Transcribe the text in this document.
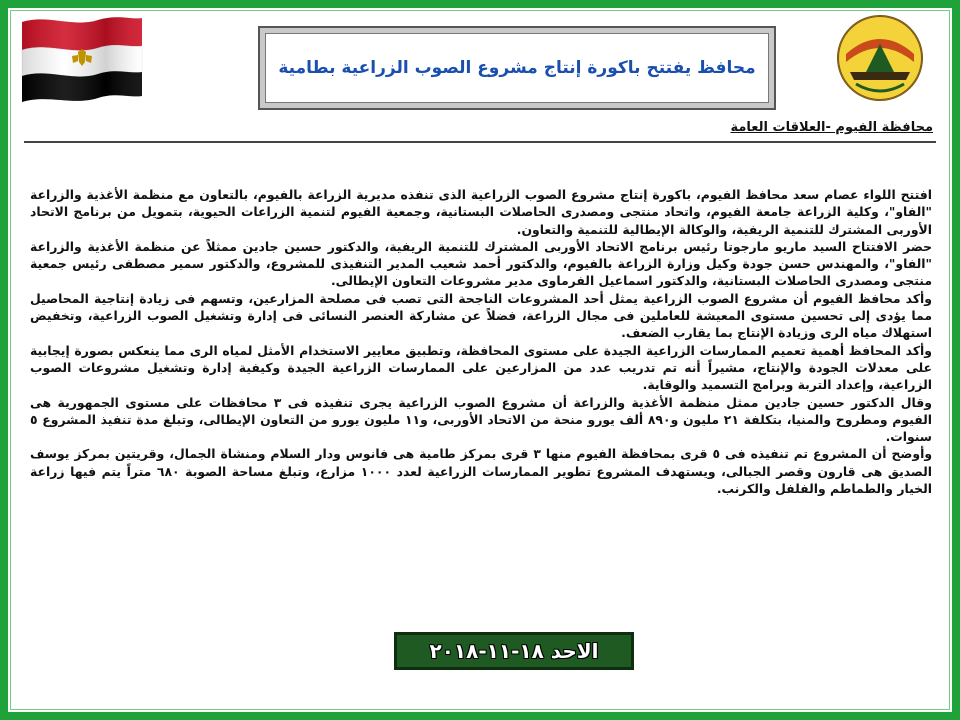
محافظ يفتتح باكورة إنتاج مشروع الصوب الزراعية بطامية
محافظة الفيوم -العلاقات العامة

افتتح اللواء عصام سعد محافظ الفيوم، باكورة إنتاج مشروع الصوب الزراعية الذى تنفذه مديرية الزراعة بالفيوم، بالتعاون مع منظمة الأغذية والزراعة "الفاو"، وكلية الزراعة جامعة الفيوم، واتحاد منتجى ومصدرى الحاصلات البستانية، وجمعية الفيوم لتنمية الزراعات الحيوية، بتمويل من برنامج الاتحاد الأوربى المشترك للتنمية الريفية، والوكالة الإيطالية للتنمية والتعاون.

حضر الافتتاح السيد ماريو مارجوتا رئيس برنامج الاتحاد الأوربى المشترك للتنمية الريفية، والدكتور حسين جادين ممثلاً عن منظمة الأغذية والزراعة "الفاو"، والمهندس حسن جودة وكيل وزارة الزراعة بالفيوم، والدكتور أحمد شعيب المدير التنفيذى للمشروع، والدكتور سمير مصطفى رئيس جمعية منتجى ومصدرى الحاصلات البستانية، والدكتور اسماعيل الفرماوى مدير مشروعات التعاون الإيطالى.

وأكد محافظ الفيوم أن مشروع الصوب الزراعية يمثل أحد المشروعات الناجحة التى تصب فى مصلحة المزارعين، وتسهم فى زيادة إنتاجية المحاصيل مما يؤدى إلى تحسين مستوى المعيشة للعاملين فى مجال الزراعة، فضلاً عن مشاركة العنصر النسائى فى إدارة وتشغيل الصوب الزراعية، وتخفيض استهلاك مياه الرى وزيادة الإنتاج بما يقارب الضعف.

وأكد المحافظ أهمية تعميم الممارسات الزراعية الجيدة على مستوى المحافظة، وتطبيق معايير الاستخدام الأمثل لمياه الرى مما ينعكس بصورة إيجابية على معدلات الجودة والإنتاج، مشيراً أنه تم تدريب عدد من المزارعين على الممارسات الزراعية الجيدة وكيفية إدارة وتشغيل مشروعات الصوب الزراعية، وإعداد التربة وبرامج التسميد والوقاية.

وقال الدكتور حسين جادين ممثل منظمة الأغذية والزراعة أن مشروع الصوب الزراعية يجرى تنفيذه فى ٣ محافظات على مستوى الجمهورية هى الفيوم ومطروح والمنيا، بتكلفة ٢١ مليون و٨٩٠ ألف يورو منحة من الاتحاد الأوربى، و١١ مليون يورو من التعاون الإيطالى، وتبلغ مدة تنفيذ المشروع ٥ سنوات.

وأوضح أن المشروع تم تنفيذه فى ٥ قرى بمحافظة الفيوم منها ٣ قرى بمركز طامية هى فانوس ودار السلام ومنشاة الجمال، وقريتين بمركز يوسف الصديق هى قارون وقصر الجبالى، ويستهدف المشروع تطوير الممارسات الزراعية لعدد ١٠٠٠ مزارع، وتبلغ مساحة الصوبة ٦٨٠ متراً يتم فيها زراعة الخيار والطماطم والفلفل والكرنب.

الاحد ١٨-١١-٢٠١٨
